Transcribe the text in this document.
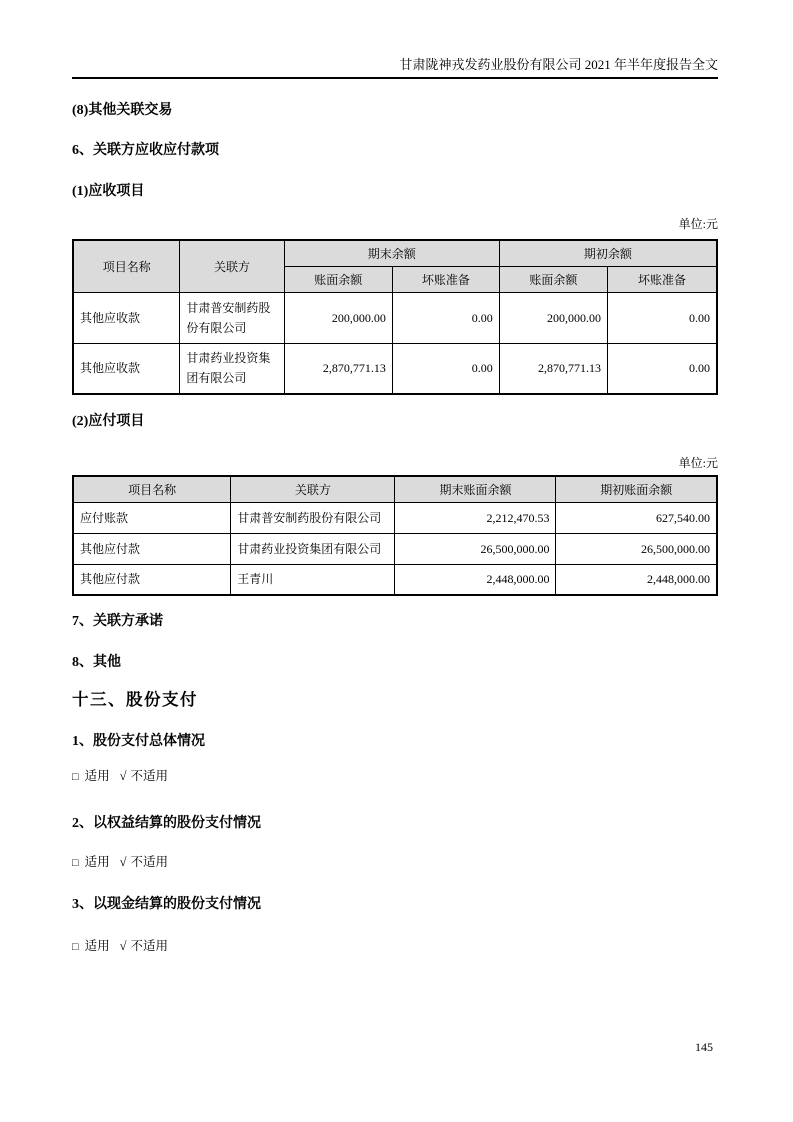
甘肃陇神戎发药业股份有限公司 2021 年半年度报告全文
(8)其他关联交易
6、关联方应收应付款项
(1)应收项目
单位:元
项目名称	关联方	期末余额		期初余额	
		账面余额	坏账准备	账面余额	坏账准备
其他应收款	甘肃普安制药股份有限公司	200,000.00	0.00	200,000.00	0.00
其他应收款	甘肃药业投资集团有限公司	2,870,771.13	0.00	2,870,771.13	0.00
(2)应付项目
单位:元
项目名称	关联方	期末账面余额	期初账面余额
应付账款	甘肃普安制药股份有限公司	2,212,470.53	627,540.00
其他应付款	甘肃药业投资集团有限公司	26,500,000.00	26,500,000.00
其他应付款	王青川	2,448,000.00	2,448,000.00
7、关联方承诺
8、其他
十三、股份支付
1、股份支付总体情况
□ 适用 √ 不适用
2、以权益结算的股份支付情况
□ 适用 √ 不适用
3、以现金结算的股份支付情况
□ 适用 √ 不适用
145
